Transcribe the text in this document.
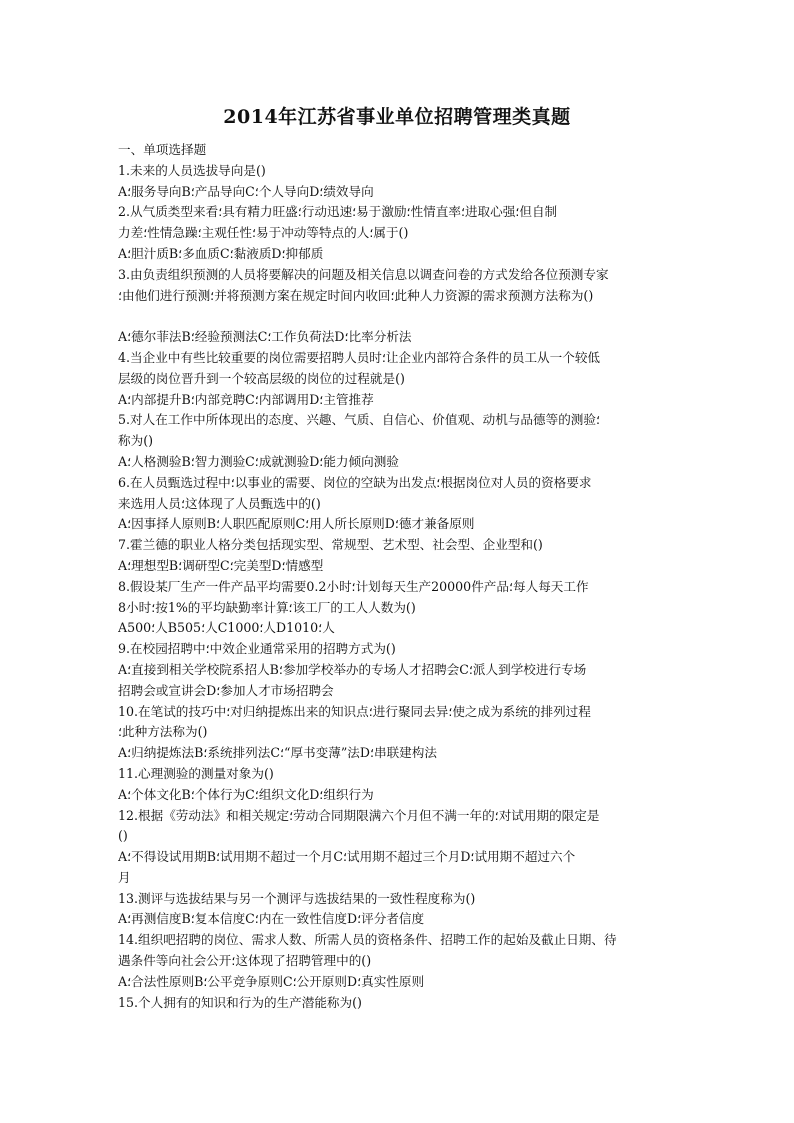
2014年江苏省事业单位招聘管理类真题
一、单项选择题
1.未来的人员选拔导向是()
A؛服务导向B؛产品导向C؛个人导向D؛绩效导向
2.从气质类型来看؛具有精力旺盛؛行动迅速؛易于激励؛性情直率؛进取心强؛但自制
力差؛性情急躁؛主观任性؛易于冲动等特点的人؛属于()
A؛胆汁质B؛多血质C؛黏液质D؛抑郁质
3.由负责组织预测的人员将要解决的问题及相关信息以调查问卷的方式发给各位预测专家
؛由他们进行预测؛并将预测方案在规定时间内收回؛此种人力资源的需求预测方法称为()
A؛德尔菲法B؛经验预测法C؛工作负荷法D؛比率分析法
4.当企业中有些比较重要的岗位需要招聘人员时؛让企业内部符合条件的员工从一个较低
层级的岗位晋升到一个较高层级的岗位的过程就是()
A؛内部提升B؛内部竞聘C؛内部调用D؛主管推荐
5.对人在工作中所体现出的态度、兴趣、气质、自信心、价值观、动机与品德等的测验؛
称为()
A؛人格测验B؛智力测验C؛成就测验D؛能力倾向测验
6.在人员甄选过程中؛以事业的需要、岗位的空缺为出发点؛根据岗位对人员的资格要求
来选用人员؛这体现了人员甄选中的()
A؛因事择人原则B؛人职匹配原则C؛用人所长原则D؛德才兼备原则
7.霍兰德的职业人格分类包括现实型、常规型、艺术型、社会型、企业型和()
A؛理想型B؛调研型C؛完美型D؛情感型
8.假设某厂生产一件产品平均需要0.2小时؛计划每天生产20000件产品؛每人每天工作
8小时؛按1%的平均缺勤率计算؛该工厂的工人人数为()
A؛500人B؛505人C؛1000人D؛1010人
9.在校园招聘中؛中效企业通常采用的招聘方式为()
A؛直接到相关学校院系招人B؛参加学校举办的专场人才招聘会C؛派人到学校进行专场
招聘会或宣讲会D؛参加人才市场招聘会
10.在笔试的技巧中؛对归纳提炼出来的知识点؛进行聚同去异؛使之成为系统的排列过程
؛此种方法称为()
A؛归纳提炼法B؛系统排列法C؛“厚书变薄”法D؛串联建构法
11.心理测验的测量对象为()
A؛个体文化B؛个体行为C؛组织文化D؛组织行为
12.根据《劳动法》和相关规定؛劳动合同期限满六个月但不满一年的؛对试用期的限定是
()
A؛不得设试用期B؛试用期不超过一个月C؛试用期不超过三个月D؛试用期不超过六个
月
13.测评与选拔结果与另一个测评与选拔结果的一致性程度称为()
A؛再测信度B؛复本信度C؛内在一致性信度D؛评分者信度
14.组织吧招聘的岗位、需求人数、所需人员的资格条件、招聘工作的起始及截止日期、待
遇条件等向社会公开؛这体现了招聘管理中的()
A؛合法性原则B؛公平竞争原则C؛公开原则D؛真实性原则
15.个人拥有的知识和行为的生产潜能称为()
